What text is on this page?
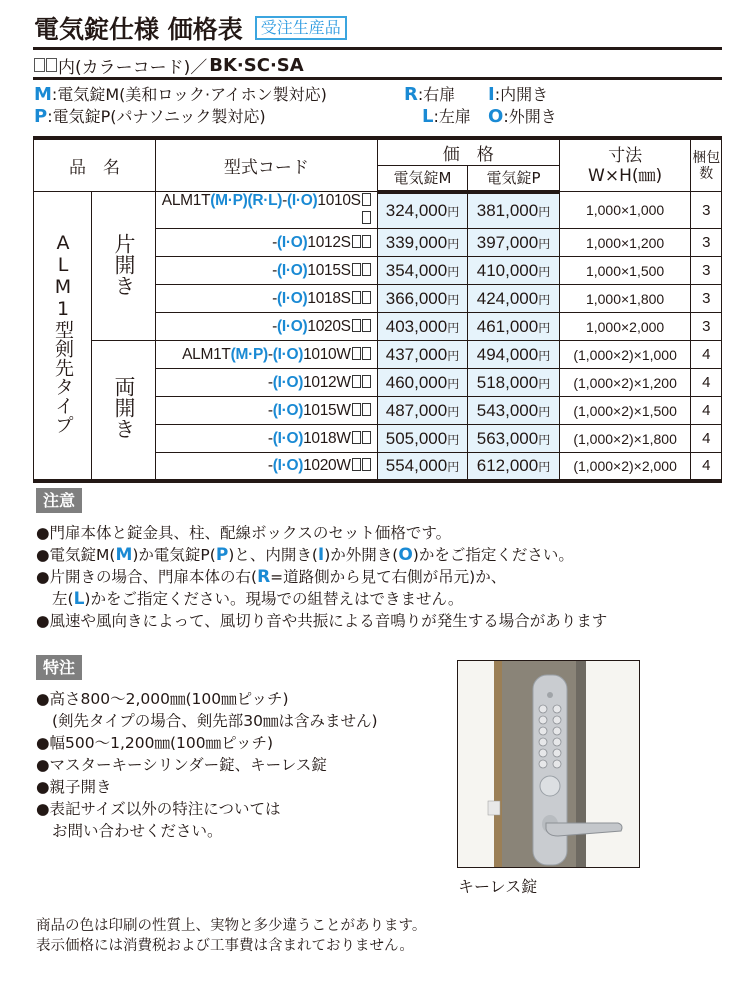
電気錠仕様 価格表	受注生産品
内(カラーコード)／ BK·SC·SA
M:電気錠M(美和ロック·アイホン製対応)	R:右扉	I:内開き
P:電気錠P(パナソニック製対応)	L:左扉 O:外開き
品　名	型式コード	価　格	寸法
W×H(㎜)

梱包
数

			電気錠M	電気錠P		
ALM1型剣先タイプ	片開き	ALM1T(M·P)(R·L)-(I·O)1010S	324,000円	381,000円	1,000×1,000	3
		-(I·O)1012S	339,000円	397,000円	1,000×1,200	3
		-(I·O)1015S	354,000円	410,000円	1,000×1,500	3
		-(I·O)1018S	366,000円	424,000円	1,000×1,800	3
		-(I·O)1020S	403,000円	461,000円	1,000×2,000	3
	両開き	ALM1T(M·P)-(I·O)1010W	437,000円	494,000円	(1,000×2)×1,000	4
		-(I·O)1012W	460,000円	518,000円	(1,000×2)×1,200	4
		-(I·O)1015W	487,000円	543,000円	(1,000×2)×1,500	4
		-(I·O)1018W	505,000円	563,000円	(1,000×2)×1,800	4
		-(I·O)1020W	554,000円	612,000円	(1,000×2)×2,000	4
注意
●門扉本体と錠金具、柱、配線ボックスのセット価格です。
●電気錠M(M)か電気錠P(P)と、内開き(I)か外開き(O)かをご指定ください。
●片開きの場合、門扉本体の右(R=道路側から見て右側が吊元)か、
左(L)かをご指定ください。現場での組替えはできません。
●風速や風向きによって、風切り音や共振による音鳴りが発生する場合があります
特注
●高さ800～2,000㎜(100㎜ピッチ)
(剣先タイプの場合、剣先部30㎜は含みません)
●幅500～1,200㎜(100㎜ピッチ)
●マスターキーシリンダー錠、キーレス錠
●親子開き
●表記サイズ以外の特注については
お問い合わせください。
キーレス錠
商品の色は印刷の性質上、実物と多少違うことがあります。
表示価格には消費税および工事費は含まれておりません。
